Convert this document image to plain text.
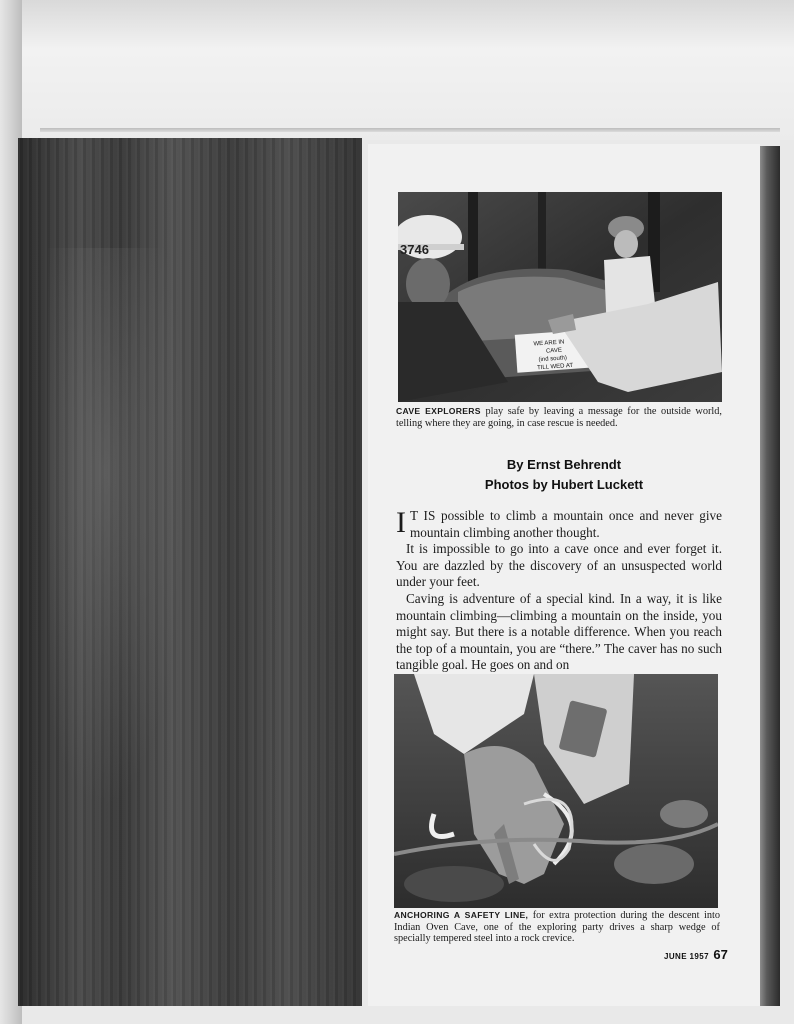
3746
WE ARE IN
CAVE
(ind south)
TILL WED AT
CAVE EXPLORERS play safe by leaving a message for the outside world, telling where they are going, in case rescue is needed.
By Ernst Behrendt
Photos by Hubert Luckett

I T IS possible to climb a mountain once and never give mountain climbing another thought.

It is impossible to go into a cave once and ever forget it. You are dazzled by the discovery of an unsuspected world under your feet.

Caving is adventure of a special kind. In a way, it is like mountain climbing—climbing a mountain on the inside, you might say. But there is a notable difference. When you reach the top of a mountain, you are “there.” The caver has no such tangible goal. He goes on and on

ANCHORING A SAFETY LINE, for extra protection during the descent into Indian Oven Cave, one of the exploring party drives a sharp wedge of specially tempered steel into a rock crevice.
JUNE 1957 67
